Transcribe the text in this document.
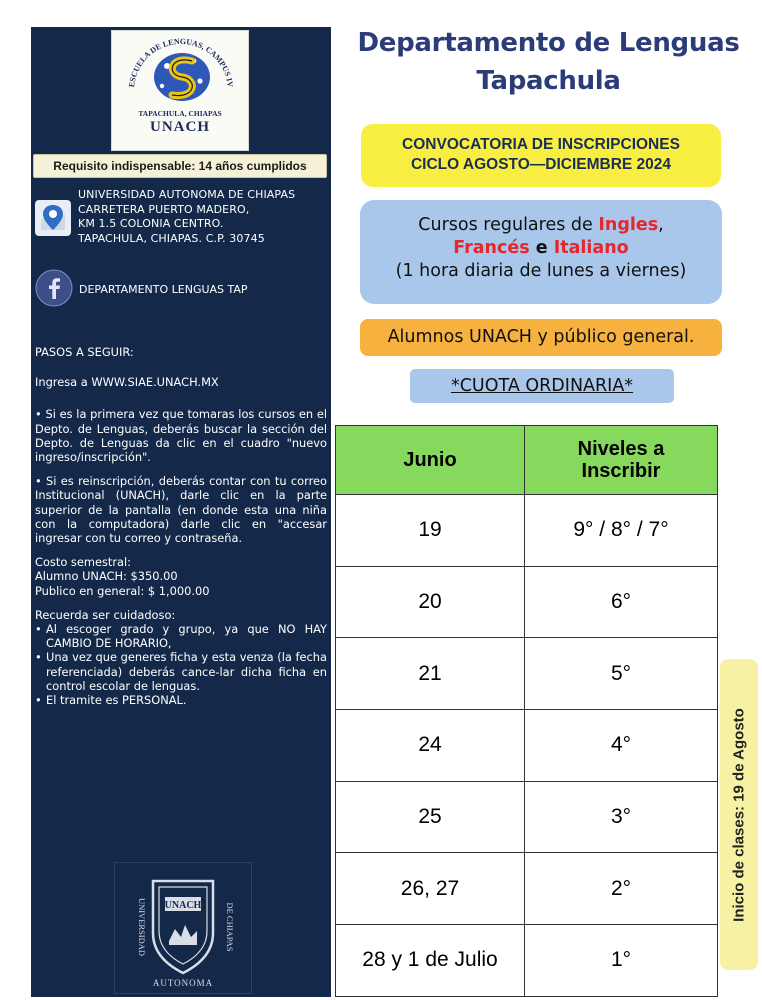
ESCUELA DE LENGUAS, CAMPUS IV
TAPACHULA, CHIAPAS
UNACH
Requisito indispensable: 14 años cumplidos
UNIVERSIDAD AUTONOMA DE CHIAPAS
CARRETERA PUERTO MADERO,
KM 1.5 COLONIA CENTRO.
TAPACHULA, CHIAPAS. C.P. 30745
DEPARTAMENTO LENGUAS TAP

PASOS A SEGUIR:

Ingresa a WWW.SIAE.UNACH.MX

• Si es la primera vez que tomaras los cursos en el Depto. de Lenguas, deberás buscar la sección del Depto. de Lenguas da clic en el cuadro "nuevo ingreso/inscripción".

• Si es reinscripción, deberás contar con tu correo Institucional (UNACH), darle clic en la parte superior de la pantalla (en donde esta una niña con la computadora) darle clic en "accesar ingresar con tu correo y contraseña.

Costo semestral:

Alumno UNACH: $350.00

Publico en general: $ 1,000.00

Recuerda ser cuidadoso:

• Al escoger grado y grupo, ya que NO HAY CAMBIO DE HORARIO,
• Una vez que generes ficha y esta venza (la fecha referenciada) deberás cance-lar dicha ficha en control escolar de lenguas.
• El tramite es PERSONAL.
UNACH
UNIVERSIDAD	DE CHIAPAS
AUTONOMA
Departamento de Lenguas
Tapachula
CONVOCATORIA DE INSCRIPCIONES
CICLO AGOSTO—DICIEMBRE 2024
Cursos regulares de Ingles,
Francés e Italiano
(1 hora diaria de lunes a viernes)
Alumnos UNACH y público general.
*CUOTA ORDINARIA*
Junio	Niveles a Inscribir
19	9° / 8° / 7°
20	6°
21	5°
24	4°
25	3°
26, 27	2°
28 y 1 de Julio	1°
Inicio de clases: 19 de Agosto
